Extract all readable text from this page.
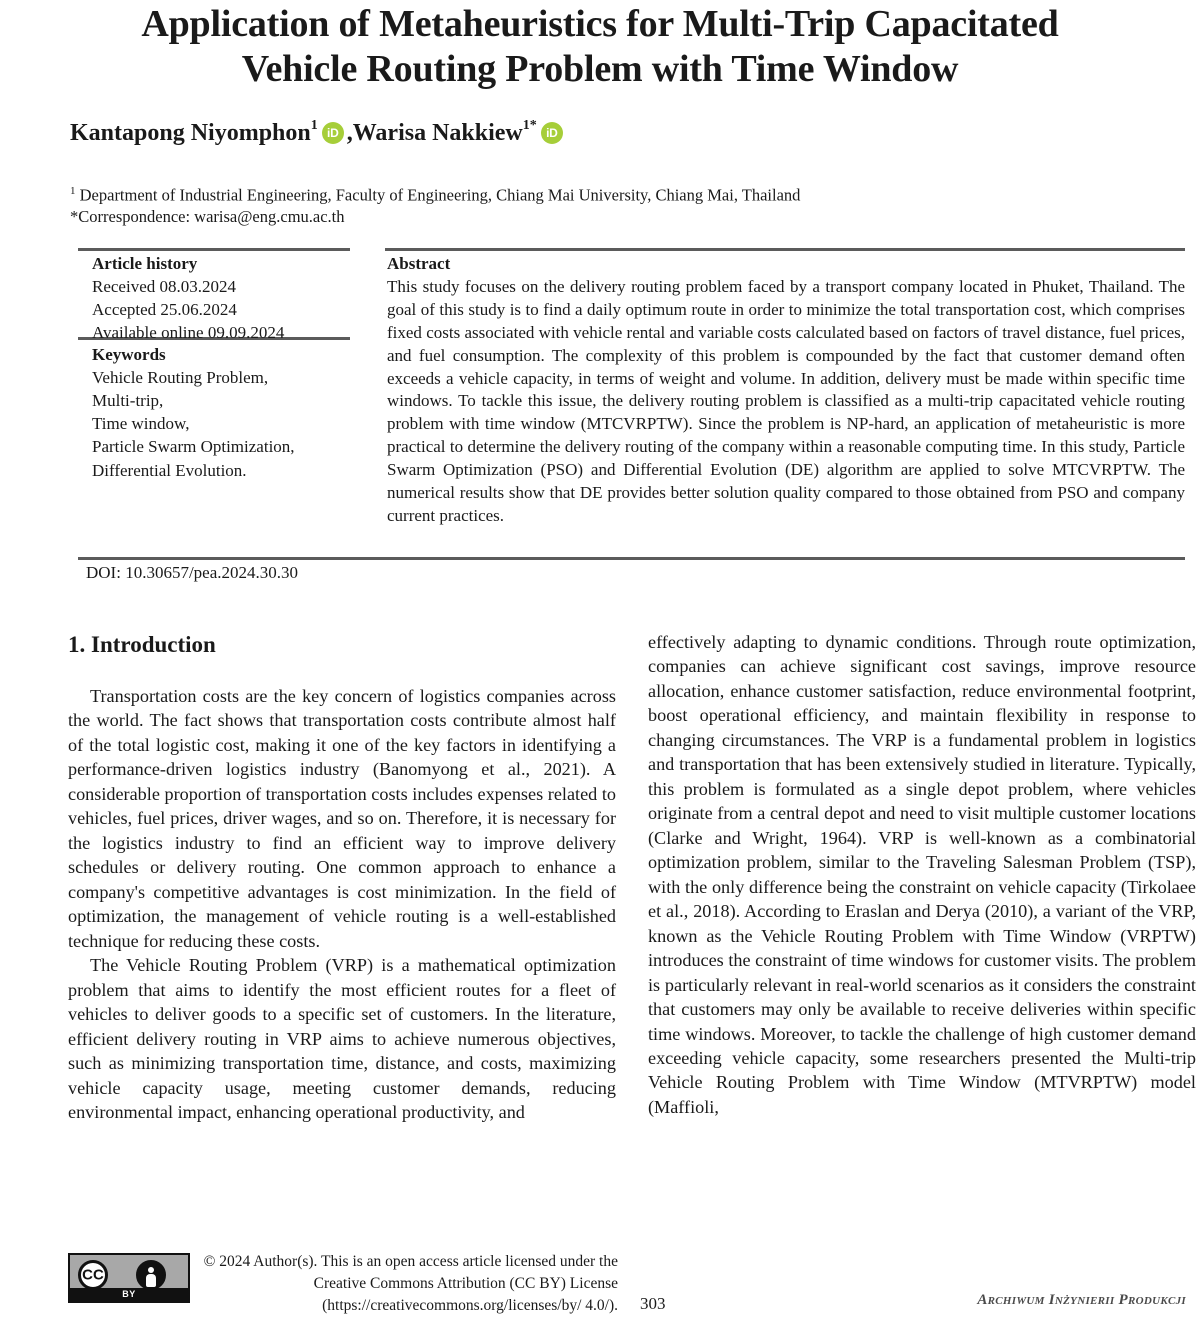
Application of Metaheuristics for Multi-Trip Capacitated Vehicle Routing Problem with Time Window
Kantapong Niyomphon 1 iD , Warisa Nakkiew 1*
iD
$^1$ Department of Industrial Engineering, Faculty of Engineering, Chiang Mai University, Chiang Mai, Thailand
*Correspondence: warisa@eng.cmu.ac.th
Article history
Received 08.03.2024
Accepted 25.06.2024
Available online 09.09.2024
Keywords
Vehicle Routing Problem,
Multi-trip,
Time window,
Particle Swarm Optimization,
Differential Evolution.
Abstract

This study focuses on the delivery routing problem faced by a transport company located in Phuket, Thailand. The goal of this study is to find a daily optimum route in order to minimize the total transportation cost, which comprises fixed costs associated with vehicle rental and variable costs calculated based on factors of travel distance, fuel prices, and fuel consumption. The complexity of this problem is compounded by the fact that customer demand often exceeds a vehicle capacity, in terms of weight and volume. In addition, delivery must be made within specific time windows. To tackle this issue, the delivery routing problem is classified as a multi-trip capacitated vehicle routing problem with time window (MTCVRPTW). Since the problem is NP-hard, an application of metaheuristic is more practical to determine the delivery routing of the company within a reasonable computing time. In this study, Particle Swarm Optimization (PSO) and Differential Evolution (DE) algorithm are applied to solve MTCVRPTW. The numerical results show that DE provides better solution quality compared to those obtained from PSO and company current practices.

DOI: 10.30657/pea.2024.30.30
1. Introduction

Transportation costs are the key concern of logistics companies across the world. The fact shows that transportation costs contribute almost half of the total logistic cost, making it one of the key factors in identifying a performance-driven logistics industry (Banomyong et al., 2021). A considerable proportion of transportation costs includes expenses related to vehicles, fuel prices, driver wages, and so on. Therefore, it is necessary for the logistics industry to find an efficient way to improve delivery schedules or delivery routing. One common approach to enhance a company's competitive advantages is cost minimization. In the field of optimization, the management of vehicle routing is a well-established technique for reducing these costs.

The Vehicle Routing Problem (VRP) is a mathematical optimization problem that aims to identify the most efficient routes for a fleet of vehicles to deliver goods to a specific set of customers. In the literature, efficient delivery routing in VRP aims to achieve numerous objectives, such as minimizing transportation time, distance, and costs, maximizing vehicle capacity usage, meeting customer demands, reducing environmental impact, enhancing operational productivity, and

effectively adapting to dynamic conditions. Through route optimization, companies can achieve significant cost savings, improve resource allocation, enhance customer satisfaction, reduce environmental footprint, boost operational efficiency, and maintain flexibility in response to changing circumstances. The VRP is a fundamental problem in logistics and transportation that has been extensively studied in literature. Typically, this problem is formulated as a single depot problem, where vehicles originate from a central depot and need to visit multiple customer locations (Clarke and Wright, 1964). VRP is well-known as a combinatorial optimization problem, similar to the Traveling Salesman Problem (TSP), with the only difference being the constraint on vehicle capacity (Tirkolaee et al., 2018). According to Eraslan and Derya (2010), a variant of the VRP, known as the Vehicle Routing Problem with Time Window (VRPTW) introduces the constraint of time windows for customer visits. The problem is particularly relevant in real-world scenarios as it considers the constraint that customers may only be available to receive deliveries within specific time windows. Moreover, to tackle the challenge of high customer demand exceeding vehicle capacity, some researchers presented the Multi-trip Vehicle Routing Problem with Time Window (MTVRPTW) model (Maffioli,

CC
BY
© 2024 Author(s). This is an open access article licensed under the Creative Commons Attribution (CC BY) License (https://creativecommons.org/licenses/by/ 4.0/). 303	Archiwum Inżynierii Produkcji
